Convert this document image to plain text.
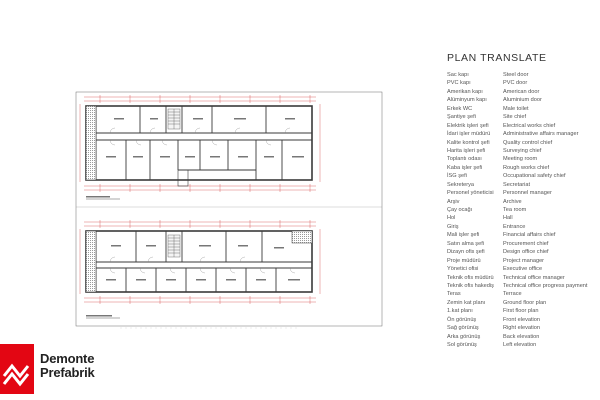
PLAN TRANSLATE
Sac kapı	Steel door
PVC kapı	PVC door
Amerikan kapı	American door
Alüminyum kapı	Aluminium door
Erkek WC	Male toilet
Şantiye şefi	Site chief
Elektrik işleri şefi	Electrical works chief
İdari işler müdürü	Administrative affairs manager
Kalite kontrol şefi	Quality control chief
Harita işleri şefi	Surveying chief
Toplantı odası	Meeting room
Kaba işler şefi	Rough works chief
İSG şefi	Occupational safety chief
Sekreterya	Secretariat
Personel yöneticisi	Personnel manager
Arşiv	Archive
Çay ocağı	Tea room
Hol	Hall
Giriş	Entrance
Mali işler şefi	Financial affairs chief
Satın alma şefi	Procurement chief
Dizayn ofis şefi	Design office chief
Proje müdürü	Project manager
Yönetici ofisi	Executive office
Teknik ofis müdürü	Technical office manager
Teknik ofis hakediş	Technical office progress payment
Teras	Terrace
Zemin kat planı	Ground floor plan
1.kat planı	First floor plan
Ön görünüş	Front elevation
Sağ görünüş	Right elevation
Arka görünüş	Back elevation
Sol görünüş	Left elevation
Demonte
Prefabrik
